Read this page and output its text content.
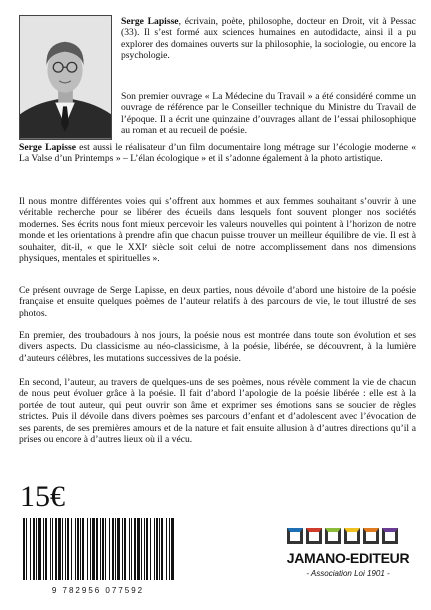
Serge Lapisse, écrivain, poète, philosophe, docteur en Droit, vit à Pessac (33). Il s’est formé aux sciences humaines en autodidacte, ainsi il a pu explorer des domaines ouverts sur la philosophie, la sociologie, ou encore la psychologie.

Son premier ouvrage « La Médecine du Travail » a été considéré comme un ouvrage de référence par le Conseiller technique du Ministre du Travail de l’époque. Il a écrit une quinzaine d’ouvrages allant de l’essai philosophique au roman et au recueil de poésie.

Serge Lapisse est aussi le réalisateur d’un film documentaire long métrage sur l’écologie moderne « La Valse d’un Printemps » – L’élan écologique » et il s’adonne également à la photo artistique.

Il nous montre différentes voies qui s’offrent aux hommes et aux femmes souhaitant s’ouvrir à une véritable recherche pour se libérer des écueils dans lesquels font souvent plonger nos sociétés modernes. Ses écrits nous font mieux percevoir les valeurs nouvelles qui pointent à l’horizon de notre monde et les orientations à prendre afin que chacun puisse trouver un meilleur équilibre de vie. Il est à souhaiter, dit-il, « que le XXIᵉ siècle soit celui de notre accomplissement dans nos dimensions physiques, mentales et spirituelles ».

Ce présent ouvrage de Serge Lapisse, en deux parties, nous dévoile d’abord une histoire de la poésie française et ensuite quelques poèmes de l’auteur relatifs à des parcours de vie, le tout illustré de ses photos.

En premier, des troubadours à nos jours, la poésie nous est montrée dans toute son évolution et ses divers aspects. Du classicisme au néo-classicisme, à la poésie, libérée, se découvrent, à la lumière d’auteurs célèbres, les mutations successives de la poésie.

En second, l’auteur, au travers de quelques-uns de ses poèmes, nous révèle comment la vie de chacun de nous peut évoluer grâce à la poésie. Il fait d’abord l’apologie de la poésie libérée : elle est à la portée de tout auteur, qui peut ouvrir son âme et exprimer ses émotions sans se soucier de règles strictes. Puis il dévoile dans divers poèmes ses parcours d’enfant et d’adolescent avec l’évocation de ses parents, de ses premières amours et de la nature et fait ensuite allusion à d’autres directions qu’il a prises ou encore à d’autres lieux où il a vécu.

15€
9 782956 077592
JAMANO-EDITEUR
- Association Loi 1901 -
